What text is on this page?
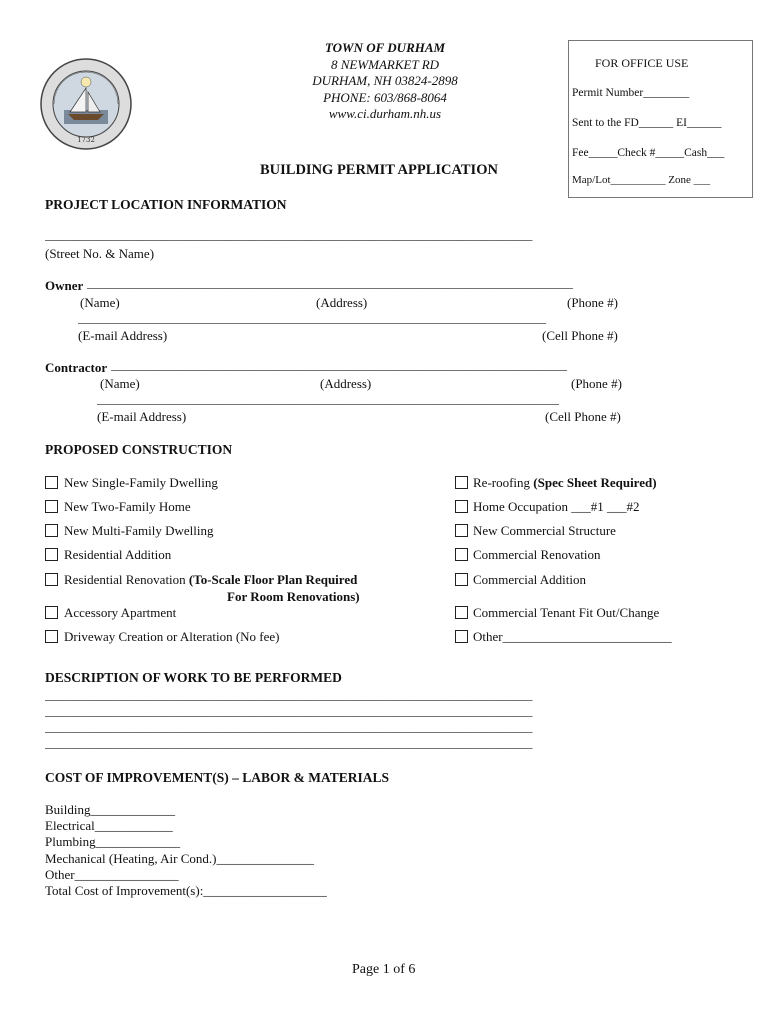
1732
TOWN OF DURHAM
8 NEWMARKET RD
DURHAM, NH 03824-2898
PHONE: 603/868-8064
www.ci.durham.nh.us
FOR OFFICE USE
Permit Number________
Sent to the FD______ EI______
Fee_____Check #_____Cash___
Map/Lot__________ Zone ___
BUILDING PERMIT APPLICATION
PROJECT LOCATION INFORMATION
____________________________________________________________________________________
(Street No. & Name)
Owner _________________________________________________________________________________
(Name)	(Address)	(Phone #)
______________________________________________________________________________
(E-mail Address)	(Cell Phone #)
Contractor ____________________________________________________________________________
(Name)	(Address)	(Phone #)
_____________________________________________________________________________
(E-mail Address)	(Cell Phone #)
PROPOSED CONSTRUCTION
New Single-Family Dwelling
New Two-Family Home
New Multi-Family Dwelling
Residential Addition
Residential Renovation (To-Scale Floor Plan Required
For Room Renovations)
Accessory Apartment
Driveway Creation or Alteration (No fee)
Re-roofing (Spec Sheet Required)
Home Occupation ___#1 ___#2
New Commercial Structure
Commercial Renovation
Commercial Addition
Commercial Tenant Fit Out/Change
Other__________________________
DESCRIPTION OF WORK TO BE PERFORMED
____________________________________________________________________________________
____________________________________________________________________________________
____________________________________________________________________________________
____________________________________________________________________________________
COST OF IMPROVEMENT(S) – LABOR & MATERIALS
Building_____________
Electrical____________
Plumbing_____________
Mechanical (Heating, Air Cond.)_______________
Other________________
Total Cost of Improvement(s):___________________
Page 1 of 6
